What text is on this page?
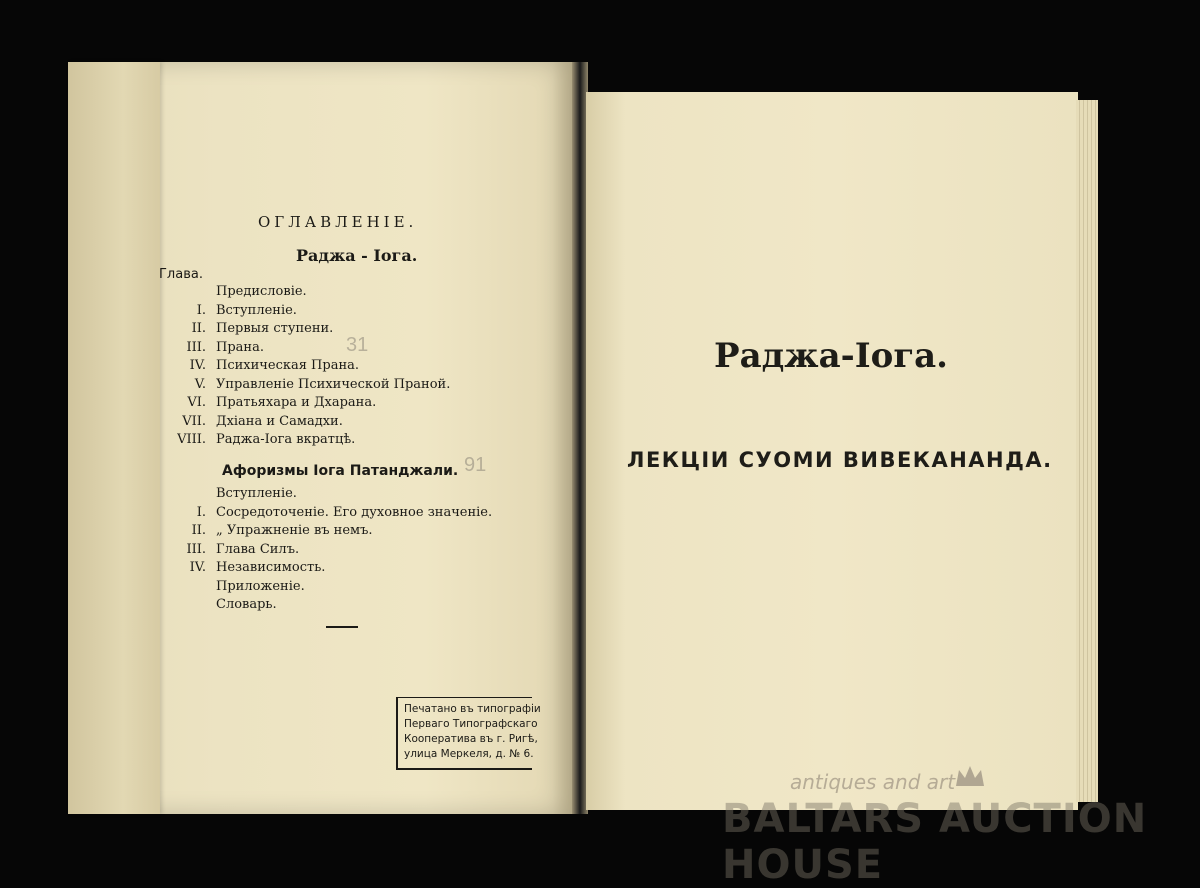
ОГЛАВЛЕНІЕ.
Раджа - Іога.
Глава.
Предисловіе.
I. Вступленіе.
II. Первыя ступени.
III. Прана.
IV. Психическая Прана.
V. Управленіе Психической Праной.
VI. Пратьяхара и Дхарана.
VII. Дхіана и Самадхи.
VIII. Раджа-Іога вкратцѣ.
Афоризмы Іога Патанджали.
Вступленіе.
I. Сосредоточеніе. Его духовное значеніе.
II. „ Упражненіе въ немъ.
III. Глава Силъ.
IV. Независимость.
Приложеніе.
Словарь.
Печатано въ типографіи
Перваго Типографскаго
Кооператива въ г. Ригѣ,
улица Меркеля, д. № 6.
31
91
Раджа-Іога.
ЛЕКЦІИ СУОМИ ВИВЕКАНАНДА.
antiques and art
BALTARS AUCTION HOUSE
